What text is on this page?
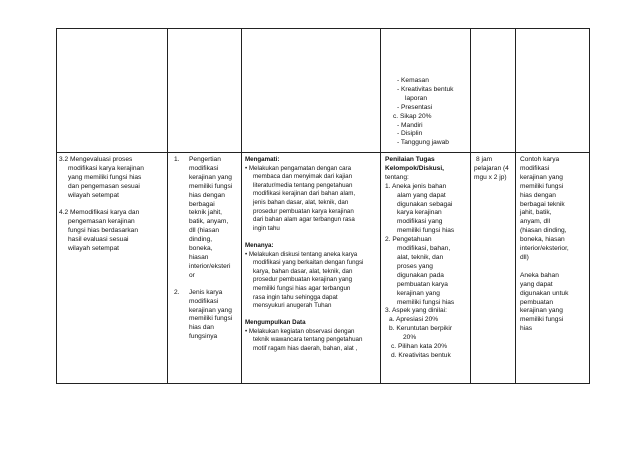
- Kemasan
- Kreativitas bentuk
laporan
- Presentasi
c. Sikap 20%
- Mandiri
- Disiplin
- Tanggung jawab
3.2 Mengevaluasi proses
modifikasi karya kerajinan
yang memiliki fungsi hias
dan pengemasan sesuai
wilayah setempat

4.2 Memodifikasi karya dan
pengemasan kerajinan
fungsi hias berdasarkan
hasil evaluasi sesuai
wilayah setempat
1. Pengertian
modifikasi
kerajinan yang
memiliki fungsi
hias dengan
berbagai
teknik jahit,
batik, anyam,
dll (hiasan
dinding,
boneka,
hiasan
interior/eksteri
or
2. Jenis karya
modifikasi
kerajinan yang
memiliki fungsi
hias dan
fungsinya
Mengamati:
• Melakukan pengamatan dengan cara
membaca dan menyimak dari kajian
literatur/media tentang pengetahuan
modifikasi kerajinan dari bahan alam,
jenis bahan dasar, alat, teknik, dan
prosedur pembuatan karya kerajinan
dari bahan alam agar terbangun rasa
ingin tahu

Menanya:
• Melakukan diskusi tentang aneka karya
modifikasi yang berkaitan dengan fungsi
karya, bahan dasar, alat, teknik, dan
prosedur pembuatan kerajinan yang
memiliki fungsi hias agar terbangun
rasa ingin tahu sehingga dapat
mensyukuri anugerah Tuhan

Mengumpulkan Data
• Melakukan kegiatan observasi dengan
teknik wawancara tentang pengetahuan
motif ragam hias daerah, bahan, alat ,
Penilaian Tugas
Kelompok/Diskusi,
tentang:
1. Aneka jenis bahan
alam yang dapat
digunakan sebagai
karya kerajinan
modifikasi yang
memiliki fungsi hias
2. Pengetahuan
modifikasi, bahan,
alat, teknik, dan
proses yang
digunakan pada
pembuatan karya
kerajinan yang
memiliki fungsi hias
3. Aspek yang dinilai:
a. Apresiasi 20%
b. Keruntutan berpikir
20%
c. Pilihan kata 20%
d. Kreativitas bentuk
8 jam
pelajaran (4
mgu x 2 jp)
Contoh karya
modifikasi
kerajinan yang
memiliki fungsi
hias dengan
berbagai teknik
jahit, batik,
anyam, dll
(hiasan dinding,
boneka, hiasan
interior/eksterior,
dll)

Aneka bahan
yang dapat
digunakan untuk
pembuatan
kerajinan yang
memiliki fungsi
hias
